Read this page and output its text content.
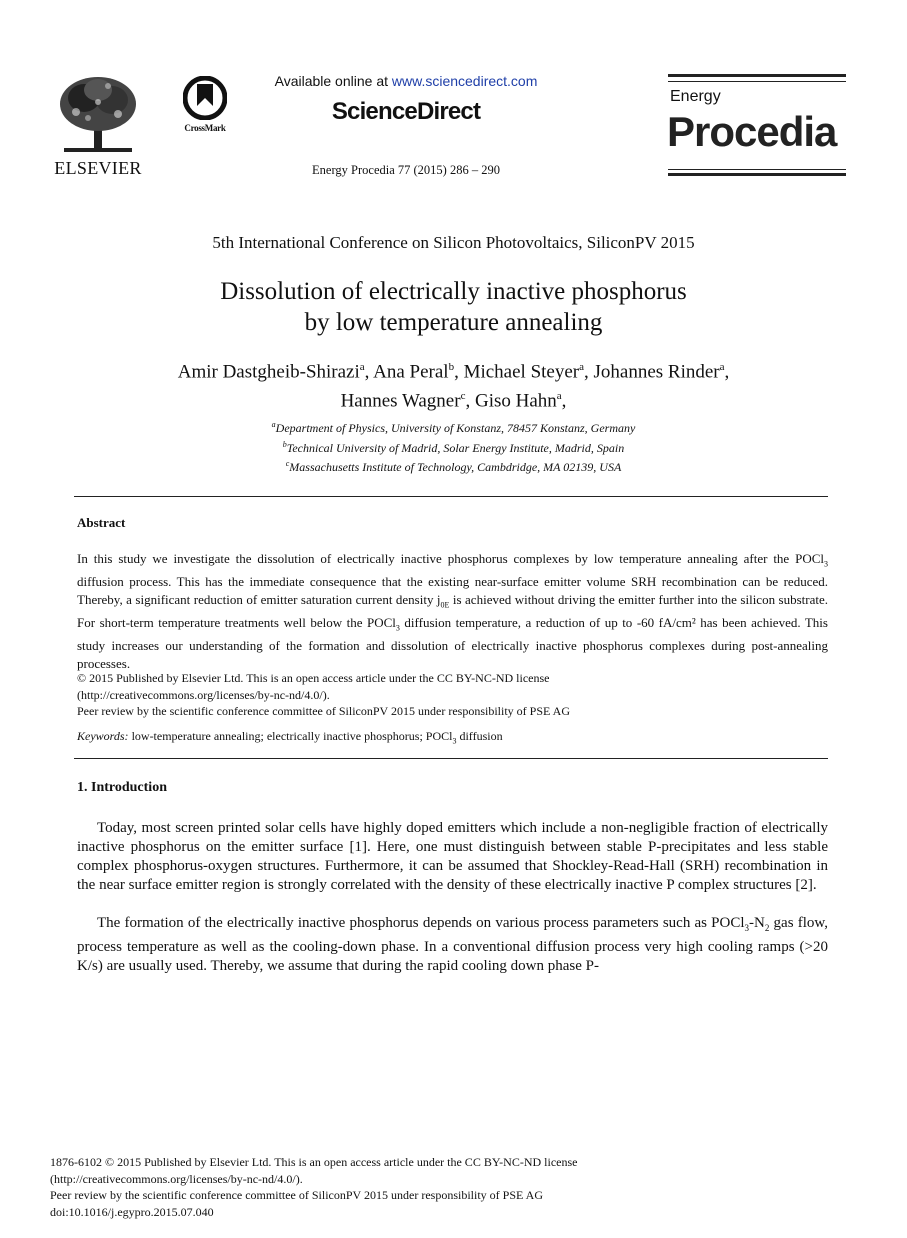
ELSEVIER
CrossMark
Available online at www.sciencedirect.com
ScienceDirect
Energy Procedia 77 (2015) 286 – 290
Energy
Procedia
5th International Conference on Silicon Photovoltaics, SiliconPV 2015
Dissolution of electrically inactive phosphorus
by low temperature annealing
Amir Dastgheib-Shirazi$^a$, Ana Peral$^b$, Michael Steyer$^a$, Johannes Rinder$^a$,
Hannes Wagner$^c$, Giso Hahn$^a$,
$^a$Department of Physics, University of Konstanz, 78457 Konstanz, Germany
$^b$Technical University of Madrid, Solar Energy Institute, Madrid, Spain
$^c$Massachusetts Institute of Technology, Cambdridge, MA 02139, USA
Abstract
In this study we investigate the dissolution of electrically inactive phosphorus complexes by low temperature annealing after the POCl$_3$ diffusion process. This has the immediate consequence that the existing near-surface emitter volume SRH recombination can be reduced. Thereby, a significant reduction of emitter saturation current density $j_{0E}$ is achieved without driving the emitter further into the silicon substrate. For short-term temperature treatments well below the POCl$_3$ diffusion temperature, a reduction of up to -60 fA/cm² has been achieved. This study increases our understanding of the formation and dissolution of electrically inactive phosphorus complexes during post-annealing processes.
© 2015 Published by Elsevier Ltd. This is an open access article under the CC BY-NC-ND license
(http://creativecommons.org/licenses/by-nc-nd/4.0/).
Peer review by the scientific conference committee of SiliconPV 2015 under responsibility of PSE AG
Keywords: low-temperature annealing; electrically inactive phosphorus; POCl$_3$ diffusion
1. Introduction
Today, most screen printed solar cells have highly doped emitters which include a non-negligible fraction of electrically inactive phosphorus on the emitter surface [1]. Here, one must distinguish between stable P-precipitates and less stable complex phosphorus-oxygen structures. Furthermore, it can be assumed that Shockley-Read-Hall (SRH) recombination in the near surface emitter region is strongly correlated with the density of these electrically inactive P complex structures [2].
The formation of the electrically inactive phosphorus depends on various process parameters such as $POCl_3-N_2$ gas flow, process temperature as well as the cooling-down phase. In a conventional diffusion process very high cooling ramps (>20 K/s) are usually used. Thereby, we assume that during the rapid cooling down phase P-
1876-6102 © 2015 Published by Elsevier Ltd. This is an open access article under the CC BY-NC-ND license
(http://creativecommons.org/licenses/by-nc-nd/4.0/).
Peer review by the scientific conference committee of SiliconPV 2015 under responsibility of PSE AG
doi:10.1016/j.egypro.2015.07.040
